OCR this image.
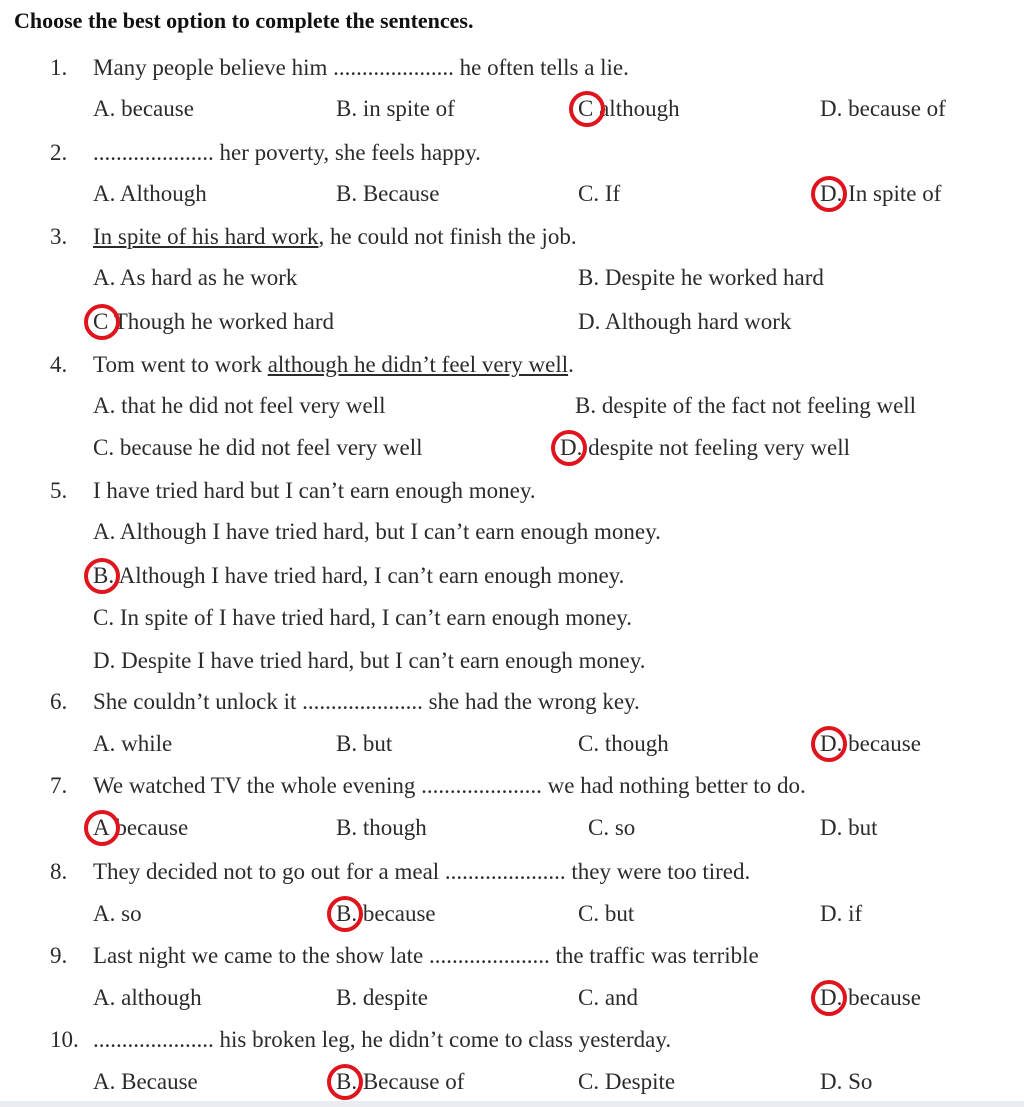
Choose the best option to complete the sentences.
1. Many people believe him ..................... he often tells a lie.
A. because	B. in spite of	C although	D. because of
2. ..................... her poverty, she feels happy.
A. Although	B. Because	C. If	D. In spite of
3. In spite of his hard work, he could not finish the job.
A. As hard as he work	B. Despite he worked hard
C Though he worked hard	D. Although hard work
4. Tom went to work although he didn’t feel very well.
A. that he did not feel very well	B. despite of the fact not feeling well
C. because he did not feel very well	D. despite not feeling very well
5. I have tried hard but I can’t earn enough money.
A. Although I have tried hard, but I can’t earn enough money.
B. Although I have tried hard, I can’t earn enough money.
C. In spite of I have tried hard, I can’t earn enough money.
D. Despite I have tried hard, but I can’t earn enough money.
6. She couldn’t unlock it ..................... she had the wrong key.
A. while	B. but	C. though	D. because
7. We watched TV the whole evening ..................... we had nothing better to do.
A because	B. though	C. so	D. but
8. They decided not to go out for a meal ..................... they were too tired.
A. so	B. because	C. but	D. if
9. Last night we came to the show late ..................... the traffic was terrible
A. although	B. despite	C. and	D. because
10. ..................... his broken leg, he didn’t come to class yesterday.
A. Because	B. Because of	C. Despite	D. So
